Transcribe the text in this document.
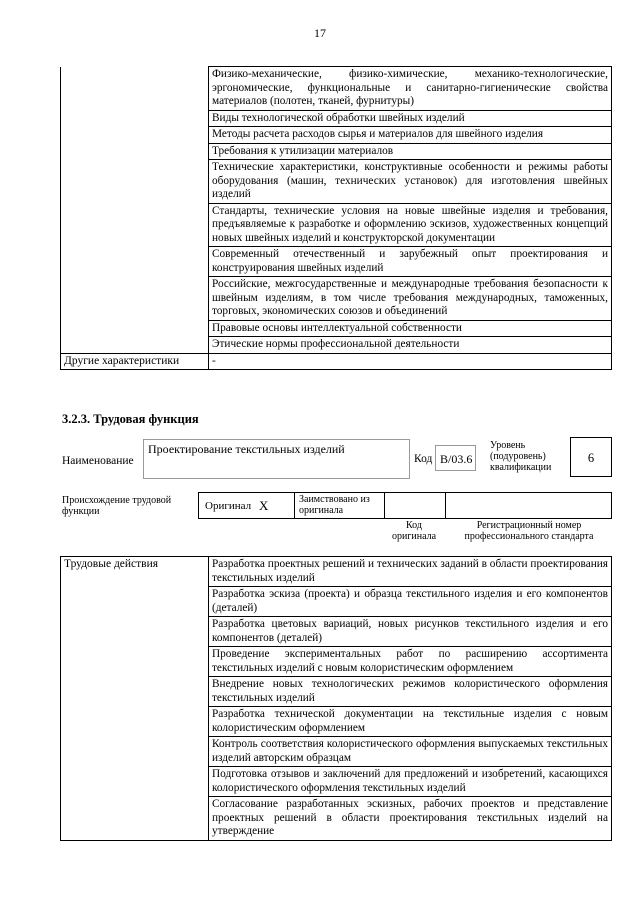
17
	Физико-механические, физико-химические, механико-технологические, эргономические, функциональные и санитарно-гигиенические свойства материалов (полотен, тканей, фурнитуры)
	Виды технологической обработки швейных изделий
	Методы расчета расходов сырья и материалов для швейного изделия
	Требования к утилизации материалов
	Технические характеристики, конструктивные особенности и режимы работы оборудования (машин, технических установок) для изготовления швейных изделий
	Стандарты, технические условия на новые швейные изделия и требования, предъявляемые к разработке и оформлению эскизов, художественных концепций новых швейных изделий и конструкторской документации
	Современный отечественный и зарубежный опыт проектирования и конструирования швейных изделий
	Российские, межгосударственные и международные требования безопасности к швейным изделиям, в том числе требования международных, таможенных, торговых, экономических союзов и объединений
	Правовые основы интеллектуальной собственности
	Этические нормы профессиональной деятельности
Другие характеристики	-
3.2.3. Трудовая функция
Наименование
Проектирование текстильных изделий
Код B/03.6
Уровень (подуровень) квалификации
6
Происхождение трудовой функции	Оригинал X	Заимствовано из оригинала
Код оригинала
Регистрационный номер профессионального стандарта
Трудовые действия	Разработка проектных решений и технических заданий в области проектирования текстильных изделий
Разработка эскиза (проекта) и образца текстильного изделия и его компонентов (деталей)
Разработка цветовых вариаций, новых рисунков текстильного изделия и его компонентов (деталей)
Проведение экспериментальных работ по расширению ассортимента текстильных изделий с новым колористическим оформлением
Внедрение новых технологических режимов колористического оформления текстильных изделий
Разработка технической документации на текстильные изделия с новым колористическим оформлением
Контроль соответствия колористического оформления выпускаемых текстильных изделий авторским образцам
Подготовка отзывов и заключений для предложений и изобретений, касающихся колористического оформления текстильных изделий
Согласование разработанных эскизных, рабочих проектов и представление проектных решений в области проектирования текстильных изделий на утверждение
